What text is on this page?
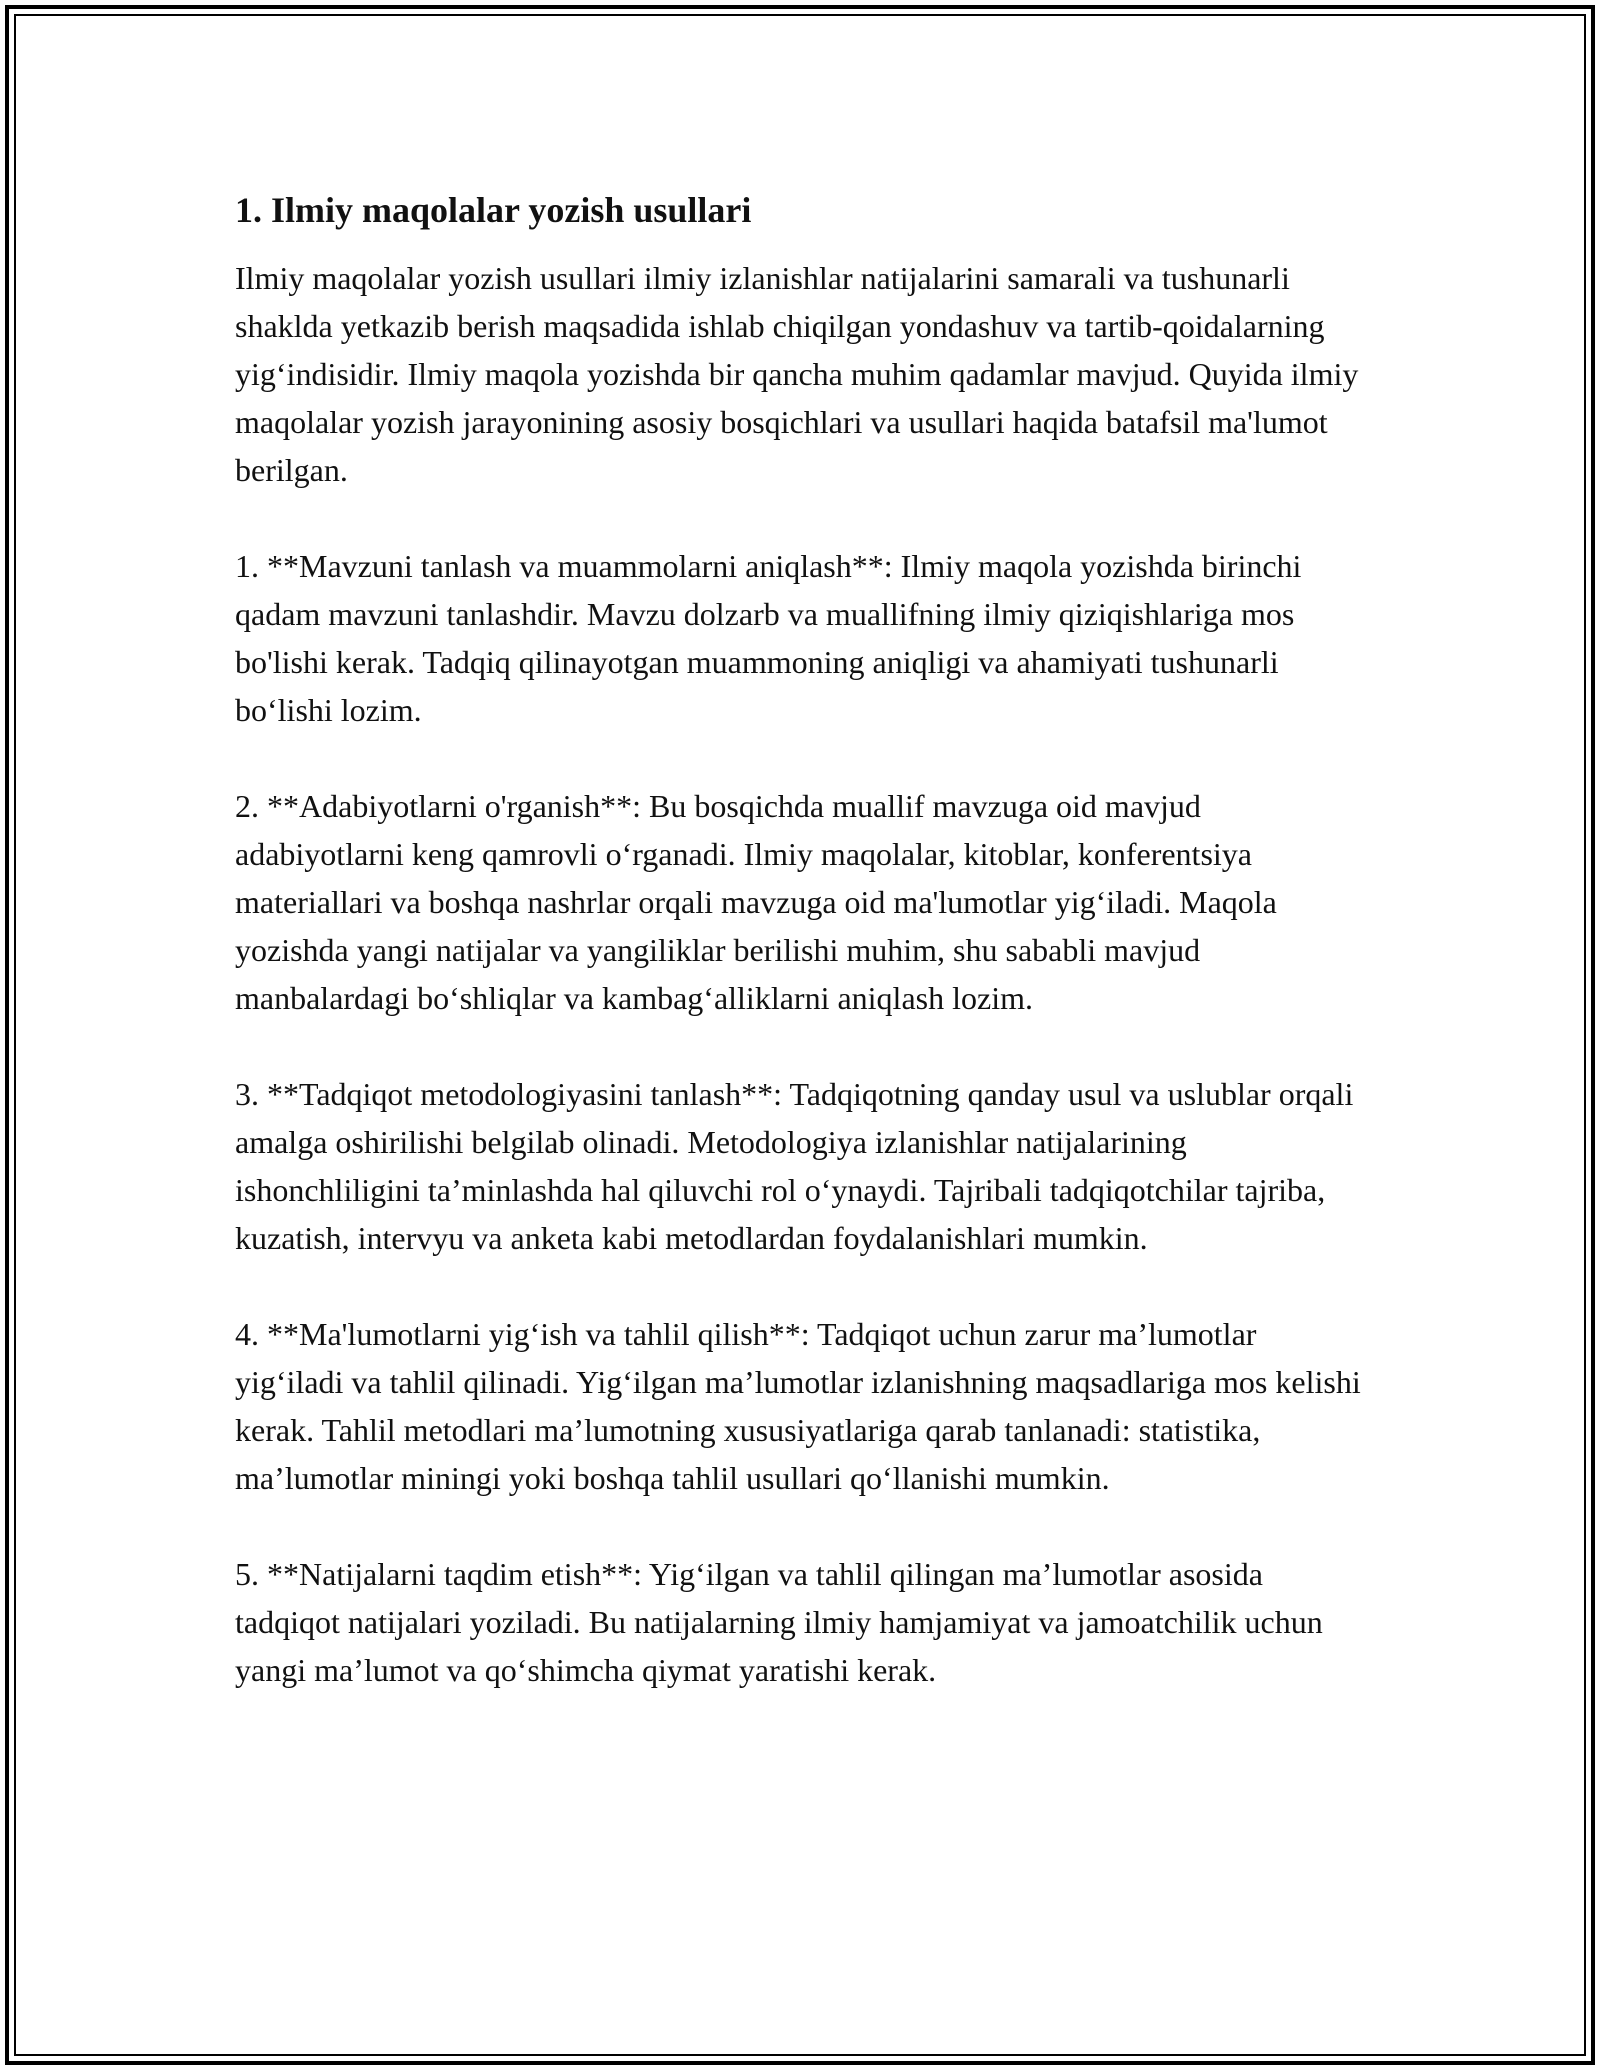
1. Ilmiy maqolalar yozish usullari

Ilmiy maqolalar yozish usullari ilmiy izlanishlar natijalarini samarali va tushunarli shaklda yetkazib berish maqsadida ishlab chiqilgan yondashuv va tartib-qoidalarning yig‘indisidir. Ilmiy maqola yozishda bir qancha muhim qadamlar mavjud. Quyida ilmiy maqolalar yozish jarayonining asosiy bosqichlari va usullari haqida batafsil ma'lumot berilgan.

1. **Mavzuni tanlash va muammolarni aniqlash**: Ilmiy maqola yozishda birinchi qadam mavzuni tanlashdir. Mavzu dolzarb va muallifning ilmiy qiziqishlariga mos bo'lishi kerak. Tadqiq qilinayotgan muammoning aniqligi va ahamiyati tushunarli bo‘lishi lozim.

2. **Adabiyotlarni o'rganish**: Bu bosqichda muallif mavzuga oid mavjud adabiyotlarni keng qamrovli o‘rganadi. Ilmiy maqolalar, kitoblar, konferentsiya materiallari va boshqa nashrlar orqali mavzuga oid ma'lumotlar yig‘iladi. Maqola yozishda yangi natijalar va yangiliklar berilishi muhim, shu sababli mavjud manbalardagi bo‘shliqlar va kambag‘alliklarni aniqlash lozim.

3. **Tadqiqot metodologiyasini tanlash**: Tadqiqotning qanday usul va uslublar orqali amalga oshirilishi belgilab olinadi. Metodologiya izlanishlar natijalarining ishonchliligini ta’minlashda hal qiluvchi rol o‘ynaydi. Tajribali tadqiqotchilar tajriba, kuzatish, intervyu va anketa kabi metodlardan foydalanishlari mumkin.

4. **Ma'lumotlarni yig‘ish va tahlil qilish**: Tadqiqot uchun zarur ma’lumotlar yig‘iladi va tahlil qilinadi. Yig‘ilgan ma’lumotlar izlanishning maqsadlariga mos kelishi kerak. Tahlil metodlari ma’lumotning xususiyatlariga qarab tanlanadi: statistika, ma’lumotlar miningi yoki boshqa tahlil usullari qo‘llanishi mumkin.

5. **Natijalarni taqdim etish**: Yig‘ilgan va tahlil qilingan ma’lumotlar asosida tadqiqot natijalari yoziladi. Bu natijalarning ilmiy hamjamiyat va jamoatchilik uchun yangi ma’lumot va qo‘shimcha qiymat yaratishi kerak.
